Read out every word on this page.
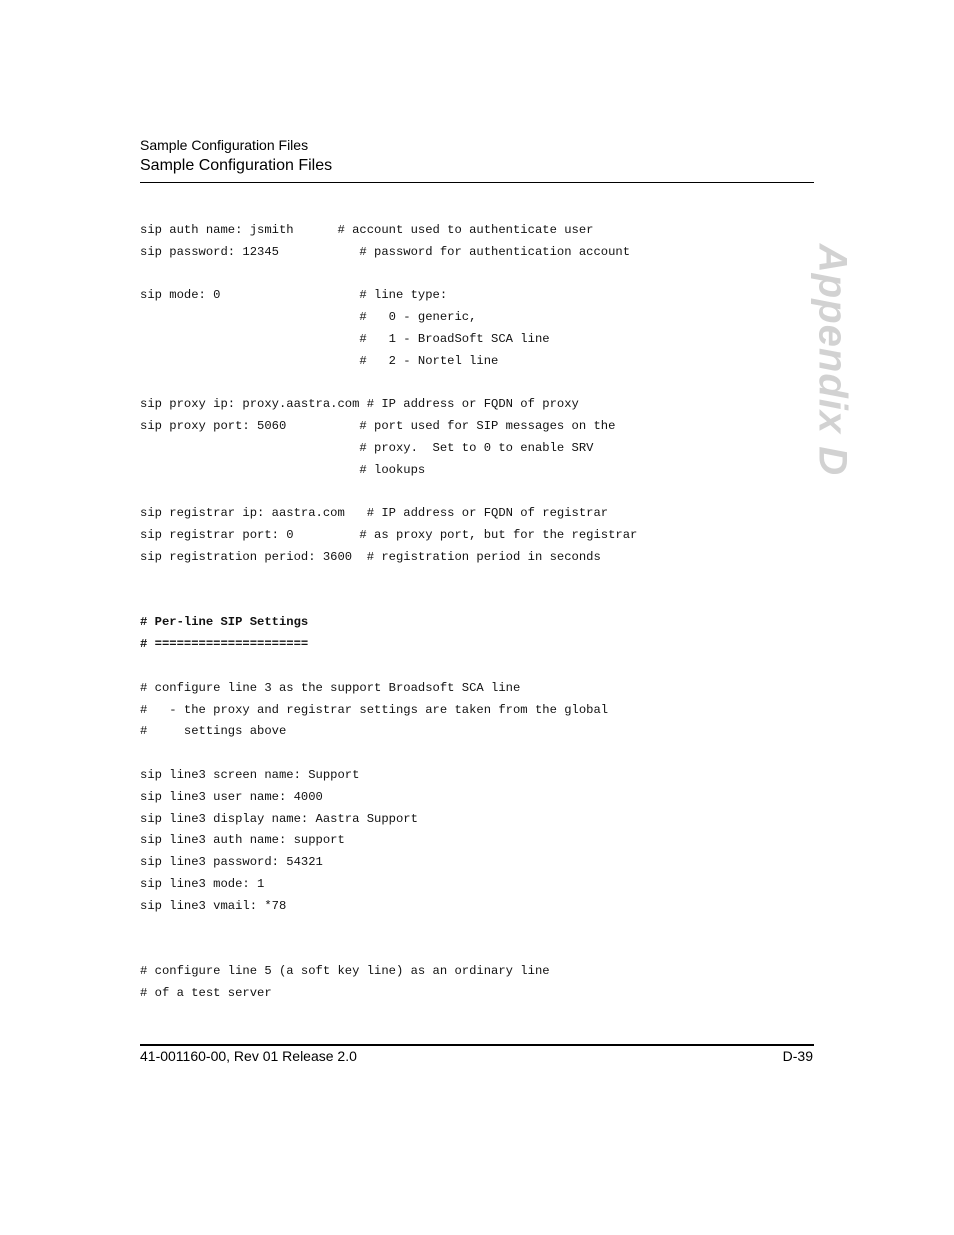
Sample Configuration Files
Sample Configuration Files
Appendix D
sip auth name: jsmith      # account used to authenticate user
sip password: 12345           # password for authentication account
sip mode: 0                   # line type:
#   0 - generic,
#   1 - BroadSoft SCA line
#   2 - Nortel line
sip proxy ip: proxy.aastra.com # IP address or FQDN of proxy
sip proxy port: 5060          # port used for SIP messages on the
# proxy.  Set to 0 to enable SRV
# lookups
sip registrar ip: aastra.com   # IP address or FQDN of registrar
sip registrar port: 0         # as proxy port, but for the registrar
sip registration period: 3600  # registration period in seconds
# Per-line SIP Settings
# =====================
# configure line 3 as the support Broadsoft SCA line
#   - the proxy and registrar settings are taken from the global
#     settings above
sip line3 screen name: Support
sip line3 user name: 4000
sip line3 display name: Aastra Support
sip line3 auth name: support
sip line3 password: 54321
sip line3 mode: 1
sip line3 vmail: *78
# configure line 5 (a soft key line) as an ordinary line
# of a test server
41-001160-00, Rev 01 Release 2.0	D-39
